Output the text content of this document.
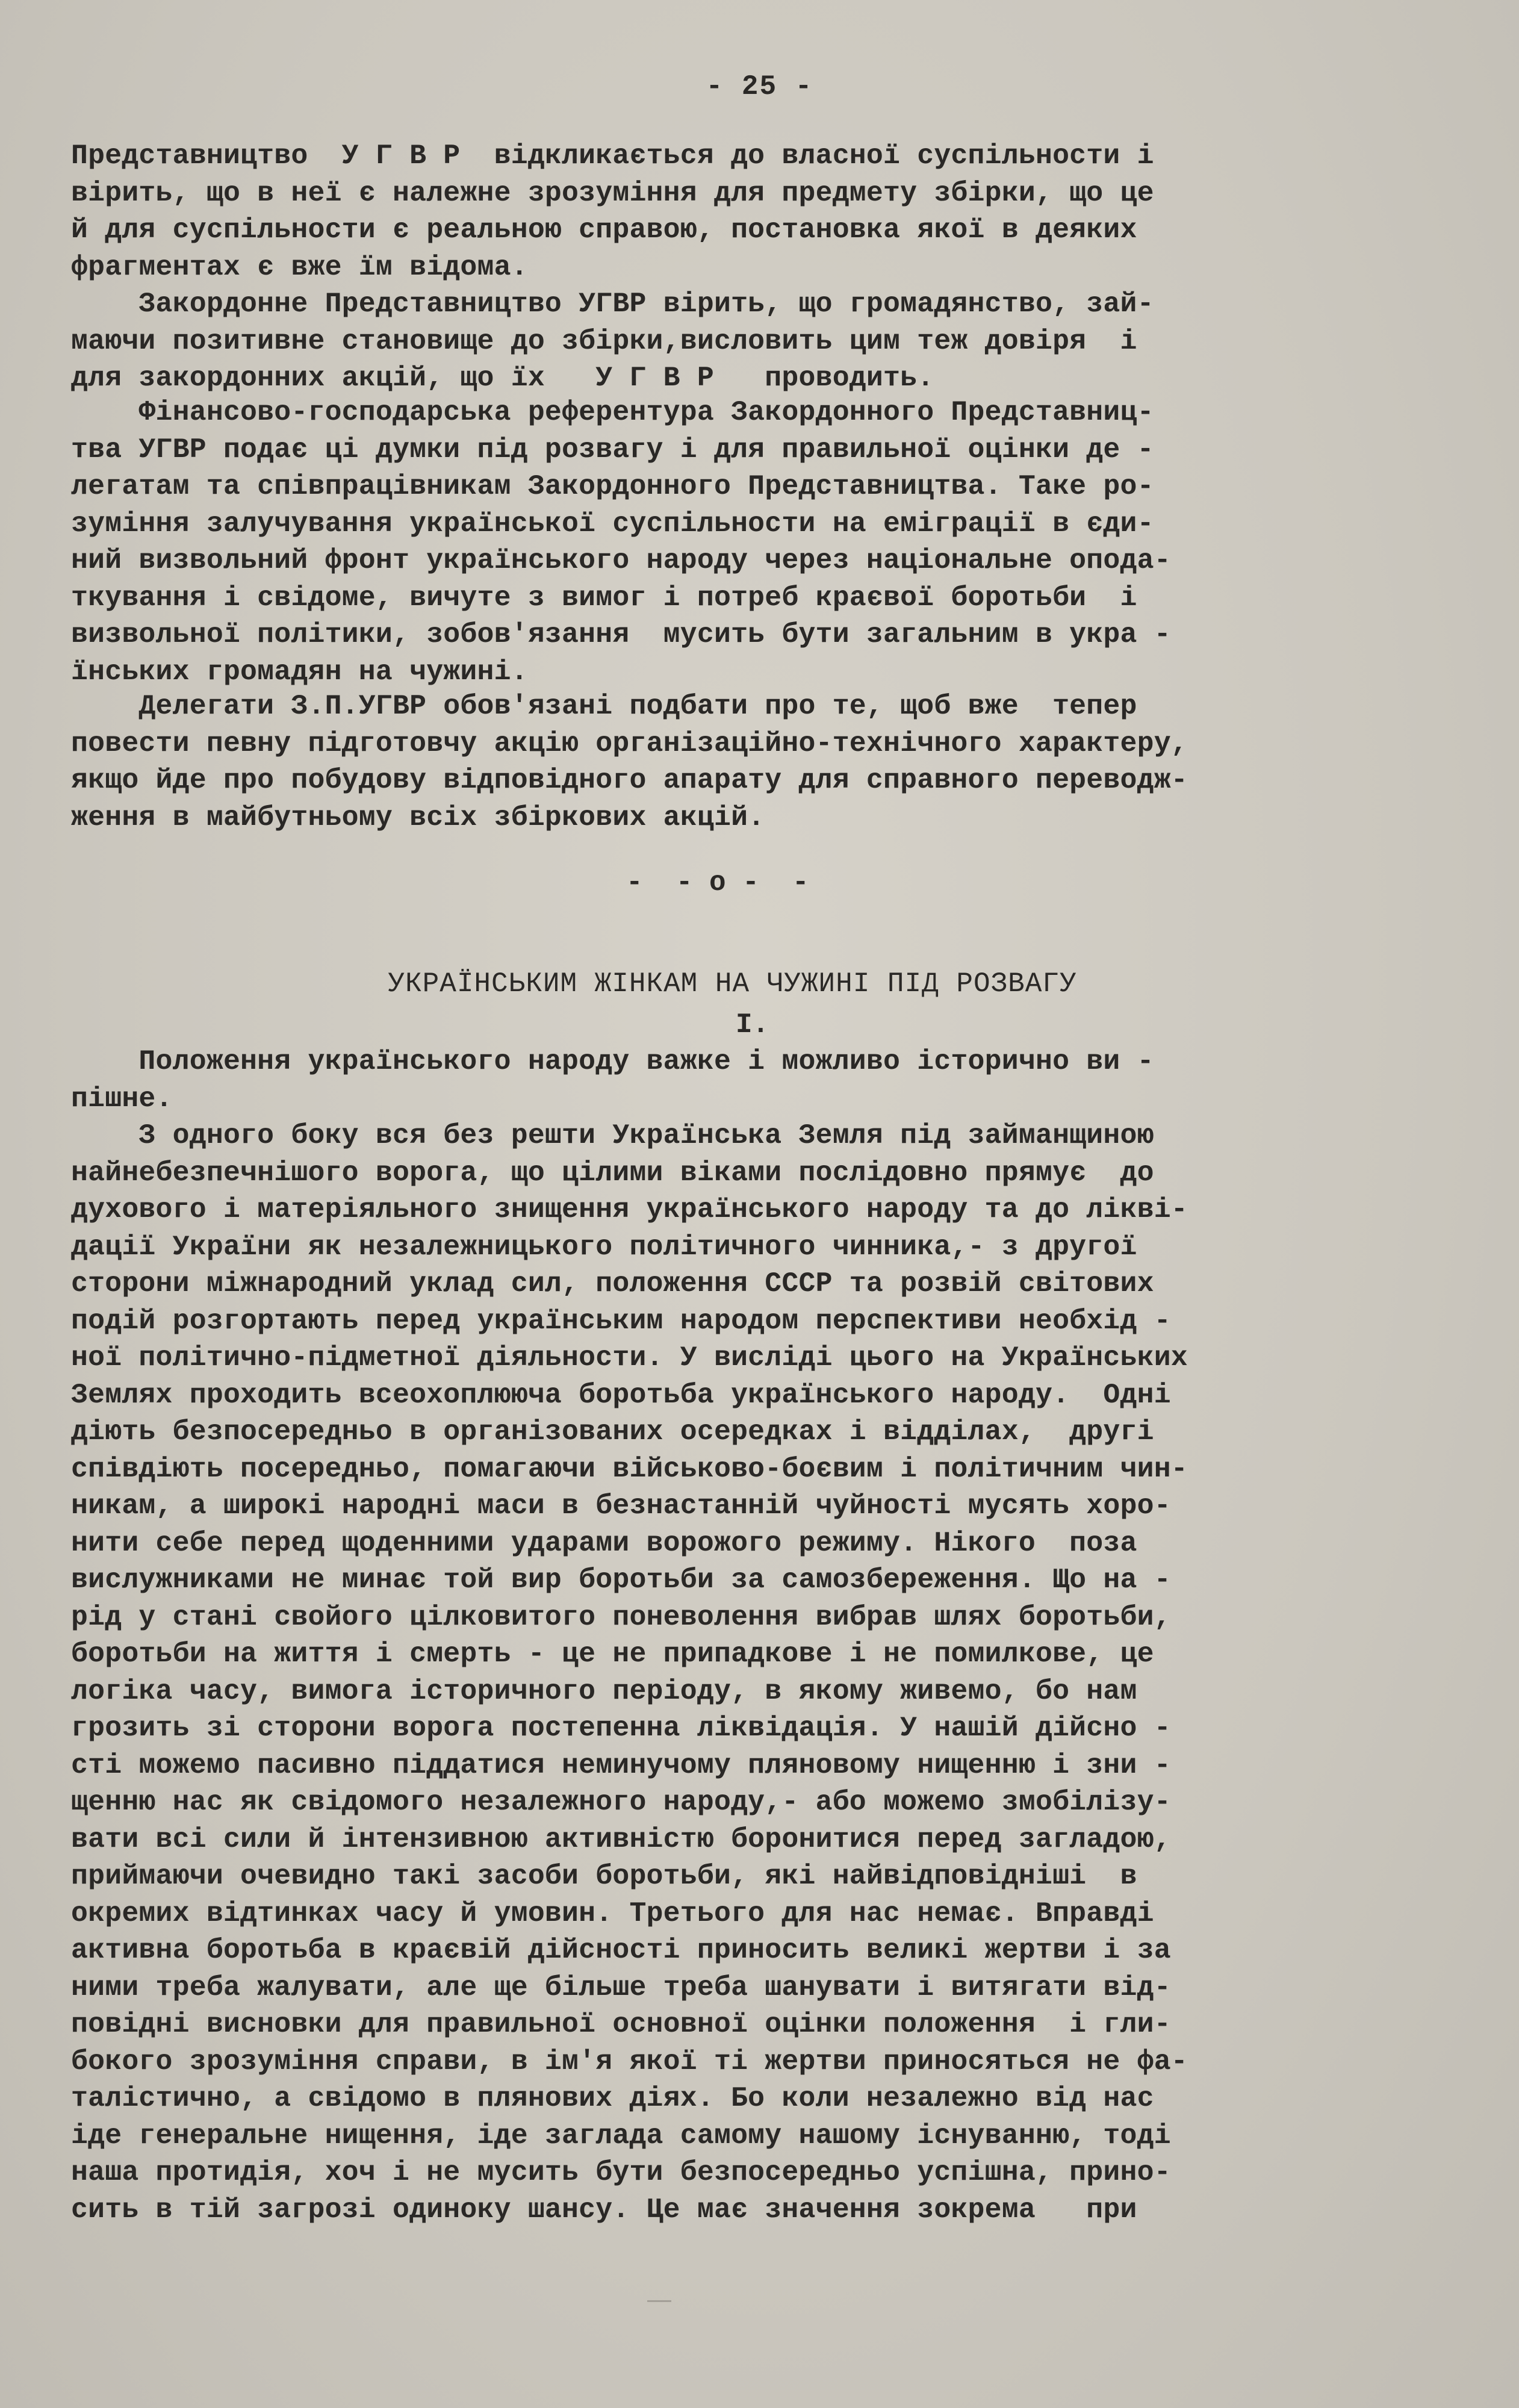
- 25 -
Представництво  У Г В Р  відкликається до власної суспільности і
вірить, що в неї є належне зрозуміння для предмету збірки, що це
й для суспільности є реальною справою, постановка якої в деяких
фрагментах є вже їм відома.
Закордонне Представництво УГВР вірить, що громадянство, зай-
маючи позитивне становище до збірки,висловить цим теж довіря  і
для закордонних акцій, що їх   У Г В Р   проводить.
Фінансово-господарська реферeнтура Закордонного Представниц-
тва УГВР подає ці думки під розвагу і для правильної оцінки де -
легатам та співпрацівникам Закордонного Представництва. Таке ро-
зуміння залучування української суспільности на еміграції в єди-
ний визвольний фронт українського народу через національне опода-
ткування і свідоме, вичуте з вимог і потреб краєвої боротьби  і
визвольної політики, зобов'язання  мусить бути загальним в укра -
їнських громадян на чужині.
Делегати З.П.УГВР обов'язані подбати про те, щоб вже  тепер
повести певну підготовчу акцію організаційно-технічного характеру,
якщо йде про побудову відповідного апарату для справного переводж-
ження в майбутньому всіх збіркових акцій.
-  - о -  -
УКРАЇНСЬКИМ ЖІНКАМ НА ЧУЖИНІ ПІД РОЗВАГУ
I.
Положення українського народу важке і можливо історично ви -
пішне.
З одного боку вся без решти Українська Земля під займанщиною
найнебезпечнішого ворога, що цілими віками послідовно прямує  до
духового і матеріяльного знищення українського народу та до ліквi-
дації України як незалежницького політичного чинника,- з другої
сторони міжнародний уклад сил, положення СССР та розвій світових
подій розгортають перед українським народом перспективи необхід -
ної політично-підметної діяльности. У висліді цього на Українських
Землях проходить всеохоплююча боротьба українського народу.  Одні
діють безпосередньо в організованих осередках і відділах,  другі
співдіють посередньо, помагаючи військово-боєвим і політичним чин-
никам, а широкі народні маси в безнастанній чуйності мусять хоро-
нити себе перед щоденними ударами ворожого режиму. Нікого  поза
вислужниками не минає той вир боротьби за самозбереження. Що на -
рід у стані свойого цілковитого поневолення вибрав шлях боротьби,
боротьби на життя і смерть - це не припадкове і не помилкове, це
логіка часу, вимога історичного періоду, в якому живемо, бо нам
грозить зі сторони ворога постепенна ліквідація. У нашій дійсно -
сті можемо пасивно піддатися неминучому пляновому нищенню і зни -
щенню нас як свідомого незалежного народу,- або можемо змобілізу-
вати всі сили й інтензивною активністю боронитися перед загладою,
приймаючи очевидно такі засоби боротьби, які найвідповідніші  в
окремих відтинках часу й умовин. Третього для нас немає. Вправді
активна боротьба в краєвій дійсності приносить великі жертви і за
ними треба жалувати, але ще більше треба шанувати і витягати від-
повідні висновки для правильної основної оцінки положення  і гли-
бокого зрозуміння справи, в ім'я якої ті жертви приносяться не фа-
талістично, а свідомо в плянових діях. Бо коли незалежно від нас
іде генеральне нищення, іде заглада самому нашому існуванню, тоді
наша протидія, хоч і не мусить бути безпосередньо успішна, прино-
сить в тій загрозі одиноку шансу. Це має значення зокрема   при
